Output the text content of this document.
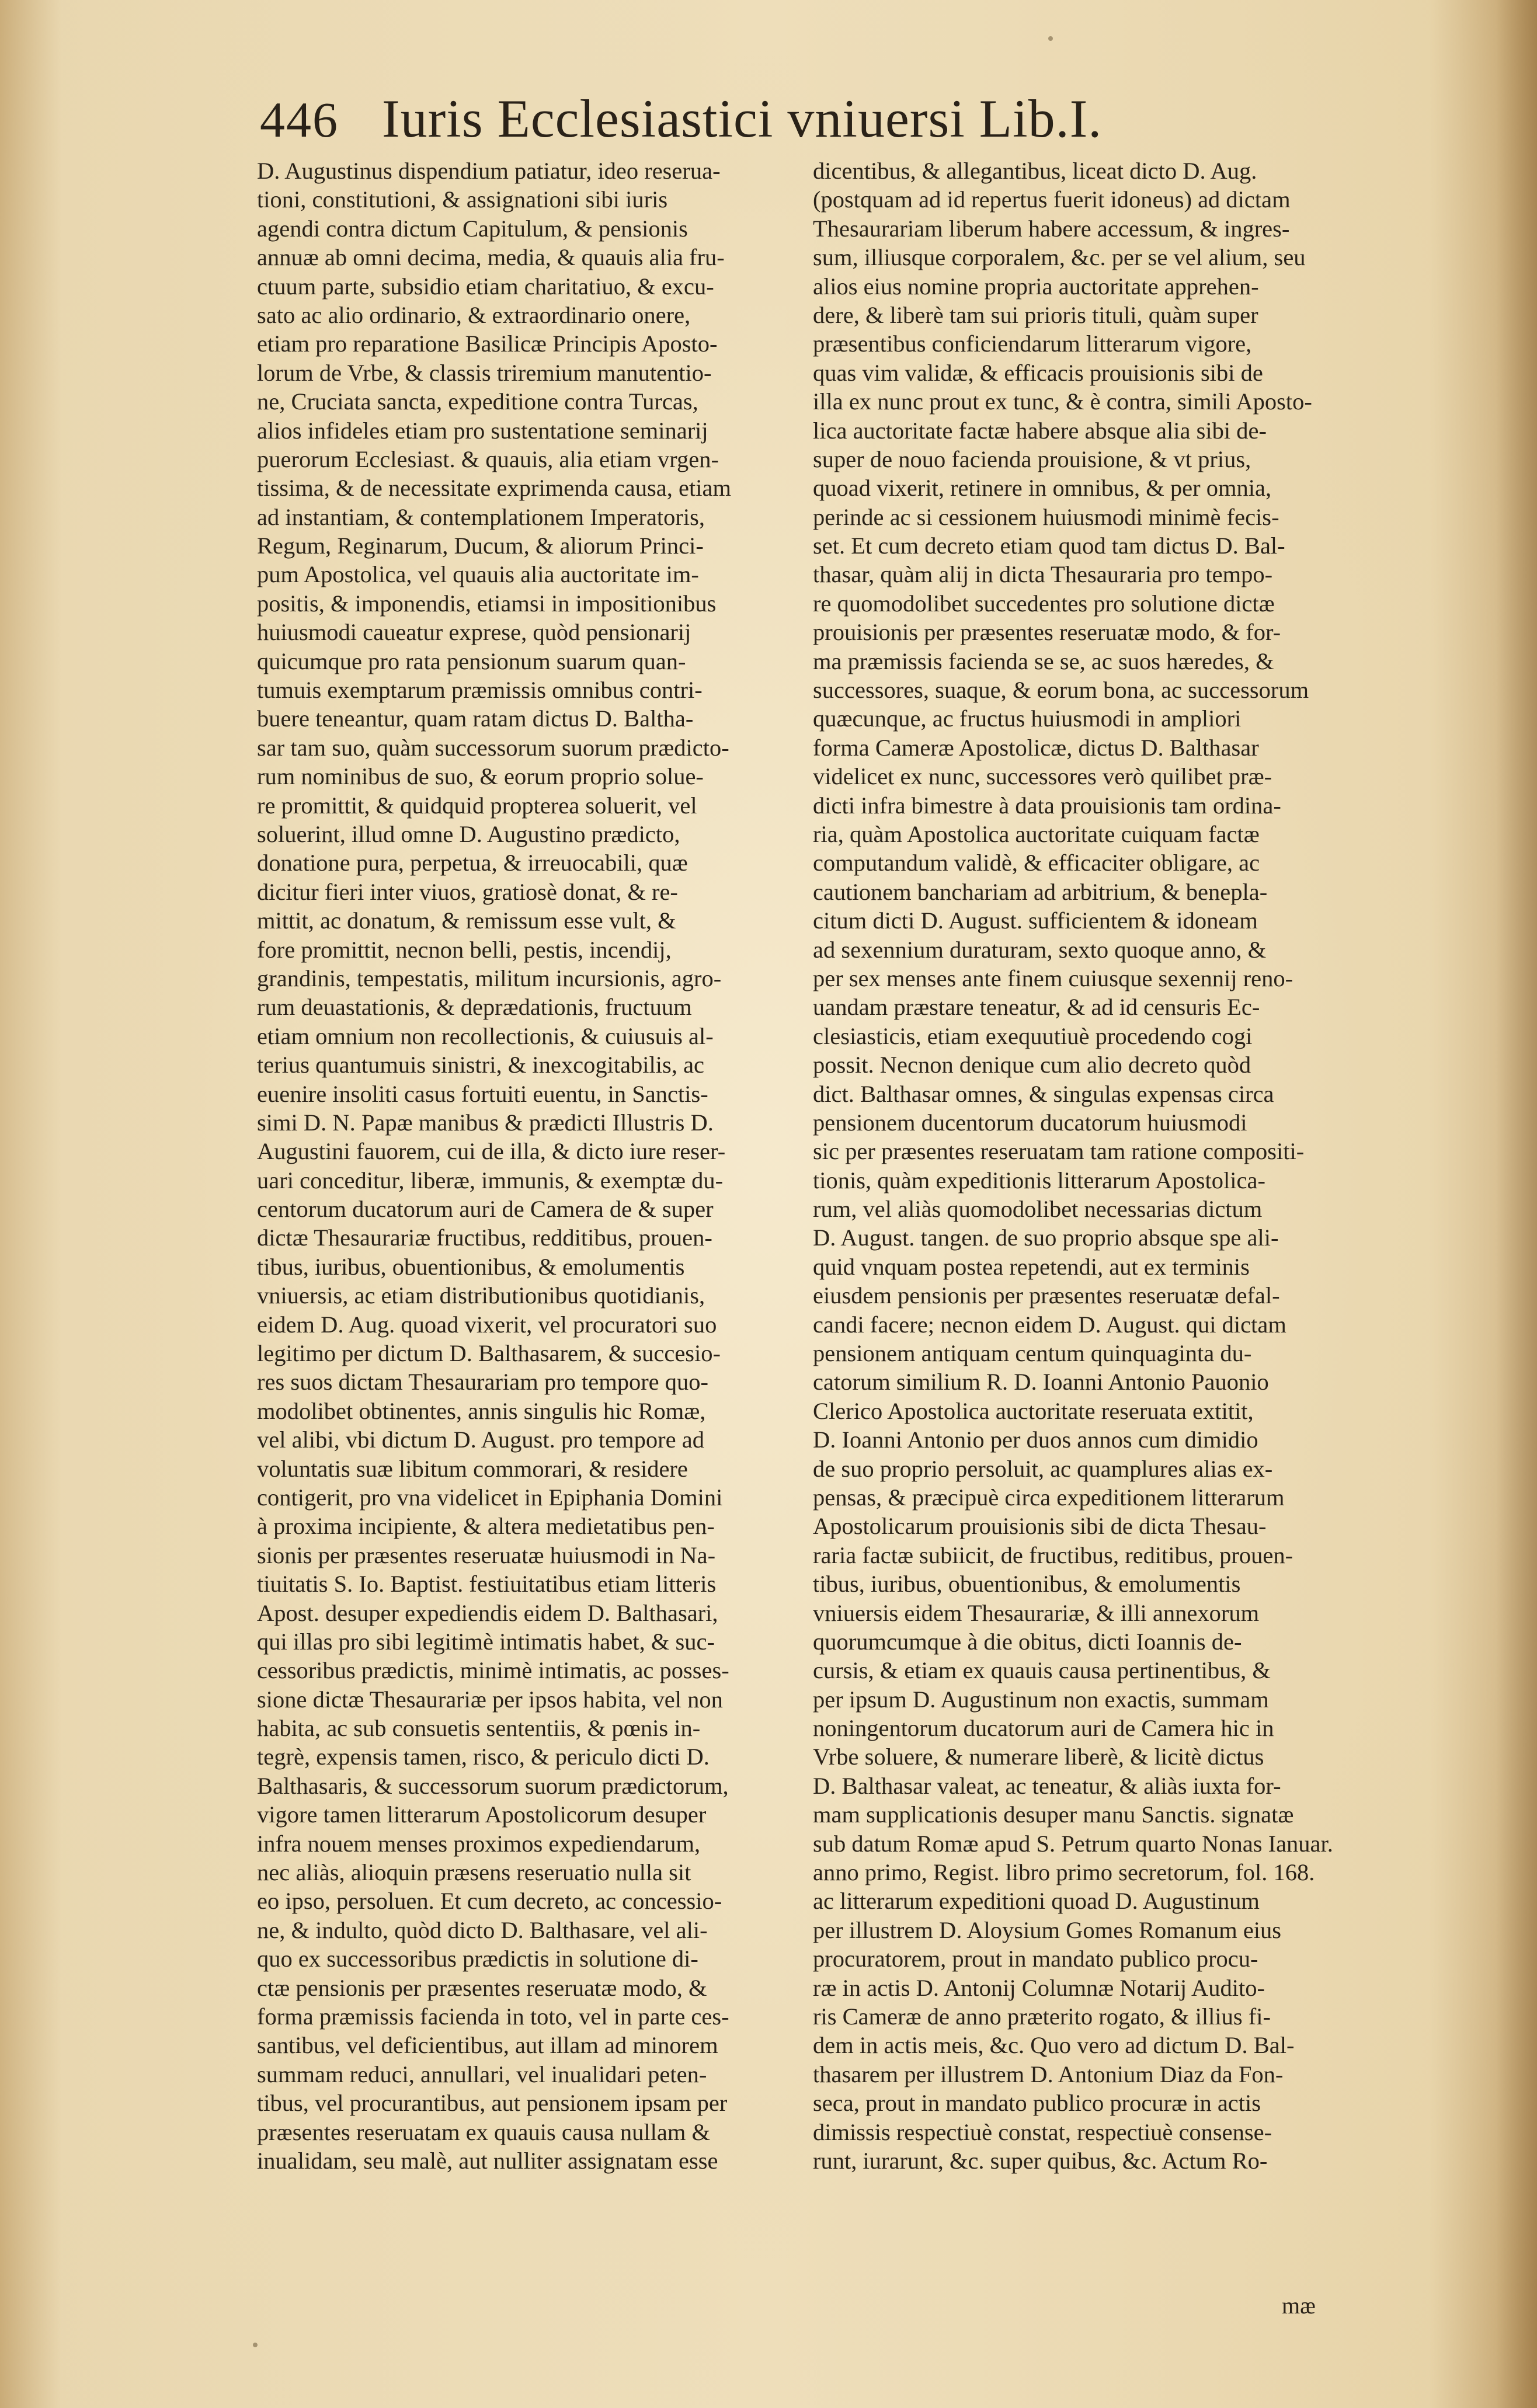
446 Iuris Ecclesiastici vniuersi Lib.I.
D. Augustinus dispendium patiatur, ideo reserua-
tioni, constitutioni, & assignationi sibi iuris
agendi contra dictum Capitulum, & pensionis
annuæ ab omni decima, media, & quauis alia fru-
ctuum parte, subsidio etiam charitatiuo, & excu-
sato ac alio ordinario, & extraordinario onere,
etiam pro reparatione Basilicæ Principis Aposto-
lorum de Vrbe, & classis triremium manutentio-
ne, Cruciata sancta, expeditione contra Turcas,
alios infideles etiam pro sustentatione seminarij
puerorum Ecclesiast. & quauis, alia etiam vrgen-
tissima, & de necessitate exprimenda causa, etiam
ad instantiam, & contemplationem Imperatoris,
Regum, Reginarum, Ducum, & aliorum Princi-
pum Apostolica, vel quauis alia auctoritate im-
positis, & imponendis, etiamsi in impositionibus
huiusmodi caueatur exprese, quòd pensionarij
quicumque pro rata pensionum suarum quan-
tumuis exemptarum præmissis omnibus contri-
buere teneantur, quam ratam dictus D. Baltha-
sar tam suo, quàm successorum suorum prædicto-
rum nominibus de suo, & eorum proprio solue-
re promittit, & quidquid propterea soluerit, vel
soluerint, illud omne D. Augustino prædicto,
donatione pura, perpetua, & irreuocabili, quæ
dicitur fieri inter viuos, gratiosè donat, & re-
mittit, ac donatum, & remissum esse vult, &
fore promittit, necnon belli, pestis, incendij,
grandinis, tempestatis, militum incursionis, agro-
rum deuastationis, & deprædationis, fructuum
etiam omnium non recollectionis, & cuiusuis al-
terius quantumuis sinistri, & inexcogitabilis, ac
euenire insoliti casus fortuiti euentu, in Sanctis-
simi D. N. Papæ manibus & prædicti Illustris D.
Augustini fauorem, cui de illa, & dicto iure reser-
uari conceditur, liberæ, immunis, & exemptæ du-
centorum ducatorum auri de Camera de & super
dictæ Thesaurariæ fructibus, redditibus, prouen-
tibus, iuribus, obuentionibus, & emolumentis
vniuersis, ac etiam distributionibus quotidianis,
eidem D. Aug. quoad vixerit, vel procuratori suo
legitimo per dictum D. Balthasarem, & succesio-
res suos dictam Thesaurariam pro tempore quo-
modolibet obtinentes, annis singulis hic Romæ,
vel alibi, vbi dictum D. August. pro tempore ad
voluntatis suæ libitum commorari, & residere
contigerit, pro vna videlicet in Epiphania Domini
à proxima incipiente, & altera medietatibus pen-
sionis per præsentes reseruatæ huiusmodi in Na-
tiuitatis S. Io. Baptist. festiuitatibus etiam litteris
Apost. desuper expediendis eidem D. Balthasari,
qui illas pro sibi legitimè intimatis habet, & suc-
cessoribus prædictis, minimè intimatis, ac posses-
sione dictæ Thesaurariæ per ipsos habita, vel non
habita, ac sub consuetis sententiis, & pœnis in-
tegrè, expensis tamen, risco, & periculo dicti D.
Balthasaris, & successorum suorum prædictorum,
vigore tamen litterarum Apostolicorum desuper
infra nouem menses proximos expediendarum,
nec aliàs, alioquin præsens reseruatio nulla sit
eo ipso, persoluen. Et cum decreto, ac concessio-
ne, & indulto, quòd dicto D. Balthasare, vel ali-
quo ex successoribus prædictis in solutione di-
ctæ pensionis per præsentes reseruatæ modo, &
forma præmissis facienda in toto, vel in parte ces-
santibus, vel deficientibus, aut illam ad minorem
summam reduci, annullari, vel inualidari peten-
tibus, vel procurantibus, aut pensionem ipsam per
præsentes reseruatam ex quauis causa nullam &
inualidam, seu malè, aut nulliter assignatam esse
dicentibus, & allegantibus, liceat dicto D. Aug.
(postquam ad id repertus fuerit idoneus) ad dictam
Thesaurariam liberum habere accessum, & ingres-
sum, illiusque corporalem, &c. per se vel alium, seu
alios eius nomine propria auctoritate apprehen-
dere, & liberè tam sui prioris tituli, quàm super
præsentibus conficiendarum litterarum vigore,
quas vim validæ, & efficacis prouisionis sibi de
illa ex nunc prout ex tunc, & è contra, simili Aposto-
lica auctoritate factæ habere absque alia sibi de-
super de nouo facienda prouisione, & vt prius,
quoad vixerit, retinere in omnibus, & per omnia,
perinde ac si cessionem huiusmodi minimè fecis-
set. Et cum decreto etiam quod tam dictus D. Bal-
thasar, quàm alij in dicta Thesauraria pro tempo-
re quomodolibet succedentes pro solutione dictæ
prouisionis per præsentes reseruatæ modo, & for-
ma præmissis facienda se se, ac suos hæredes, &
successores, suaque, & eorum bona, ac successorum
quæcunque, ac fructus huiusmodi in ampliori
forma Cameræ Apostolicæ, dictus D. Balthasar
videlicet ex nunc, successores verò quilibet præ-
dicti infra bimestre à data prouisionis tam ordina-
ria, quàm Apostolica auctoritate cuiquam factæ
computandum validè, & efficaciter obligare, ac
cautionem banchariam ad arbitrium, & benepla-
citum dicti D. August. sufficientem & idoneam
ad sexennium duraturam, sexto quoque anno, &
per sex menses ante finem cuiusque sexennij reno-
uandam præstare teneatur, & ad id censuris Ec-
clesiasticis, etiam exequutiuè procedendo cogi
possit. Necnon denique cum alio decreto quòd
dict. Balthasar omnes, & singulas expensas circa
pensionem ducentorum ducatorum huiusmodi
sic per præsentes reseruatam tam ratione compositi-
tionis, quàm expeditionis litterarum Apostolica-
rum, vel aliàs quomodolibet necessarias dictum
D. August. tangen. de suo proprio absque spe ali-
quid vnquam postea repetendi, aut ex terminis
eiusdem pensionis per præsentes reseruatæ defal-
candi facere; necnon eidem D. August. qui dictam
pensionem antiquam centum quinquaginta du-
catorum similium R. D. Ioanni Antonio Pauonio
Clerico Apostolica auctoritate reseruata extitit,
D. Ioanni Antonio per duos annos cum dimidio
de suo proprio persoluit, ac quamplures alias ex-
pensas, & præcipuè circa expeditionem litterarum
Apostolicarum prouisionis sibi de dicta Thesau-
raria factæ subiicit, de fructibus, reditibus, prouen-
tibus, iuribus, obuentionibus, & emolumentis
vniuersis eidem Thesaurariæ, & illi annexorum
quorumcumque à die obitus, dicti Ioannis de-
cursis, & etiam ex quauis causa pertinentibus, &
per ipsum D. Augustinum non exactis, summam
noningentorum ducatorum auri de Camera hic in
Vrbe soluere, & numerare liberè, & licitè dictus
D. Balthasar valeat, ac teneatur, & aliàs iuxta for-
mam supplicationis desuper manu Sanctis. signatæ
sub datum Romæ apud S. Petrum quarto Nonas Ianuar.
anno primo, Regist. libro primo secretorum, fol. 168.
ac litterarum expeditioni quoad D. Augustinum
per illustrem D. Aloysium Gomes Romanum eius
procuratorem, prout in mandato publico procu-
ræ in actis D. Antonij Columnæ Notarij Audito-
ris Cameræ de anno præterito rogato, & illius fi-
dem in actis meis, &c. Quo vero ad dictum D. Bal-
thasarem per illustrem D. Antonium Diaz da Fon-
seca, prout in mandato publico procuræ in actis
dimissis respectiuè constat, respectiuè consense-
runt, iurarunt, &c. super quibus, &c. Actum Ro-
mæ
